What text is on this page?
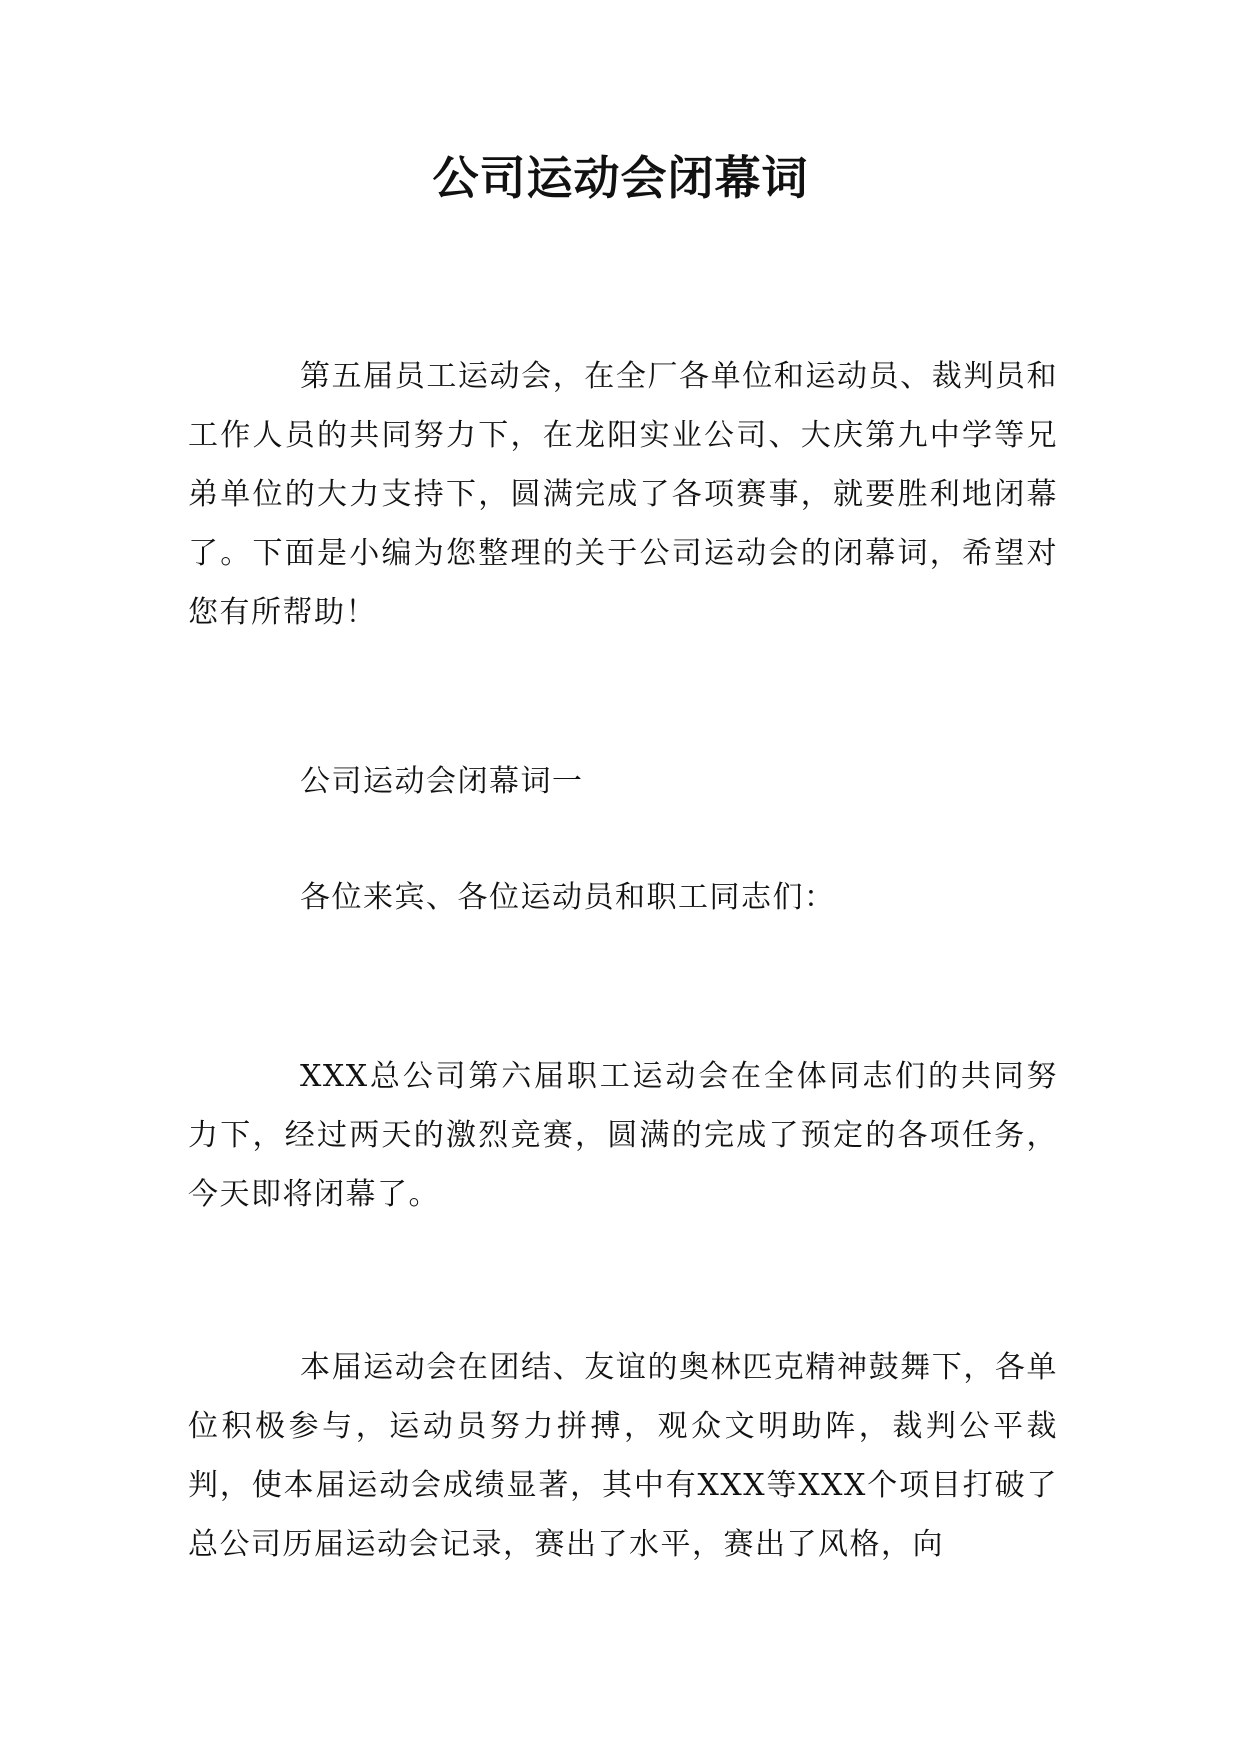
公司运动会闭幕词

第五届员工运动会，在全厂各单位和运动员、裁判员和工作人员的共同努力下，在龙阳实业公司、大庆第九中学等兄弟单位的大力支持下，圆满完成了各项赛事，就要胜利地闭幕了。下面是小编为您整理的关于公司运动会的闭幕词，希望对您有所帮助！

公司运动会闭幕词一

各位来宾、各位运动员和职工同志们：

XXX总公司第六届职工运动会在全体同志们的共同努力下，经过两天的激烈竞赛，圆满的完成了预定的各项任务，今天即将闭幕了。

本届运动会在团结、友谊的奥林匹克精神鼓舞下，各单位积极参与，运动员努力拼搏，观众文明助阵，裁判公平裁判，使本届运动会成绩显著，其中有XXX等XXX个项目打破了总公司历届运动会记录，赛出了水平，赛出了风格，向
